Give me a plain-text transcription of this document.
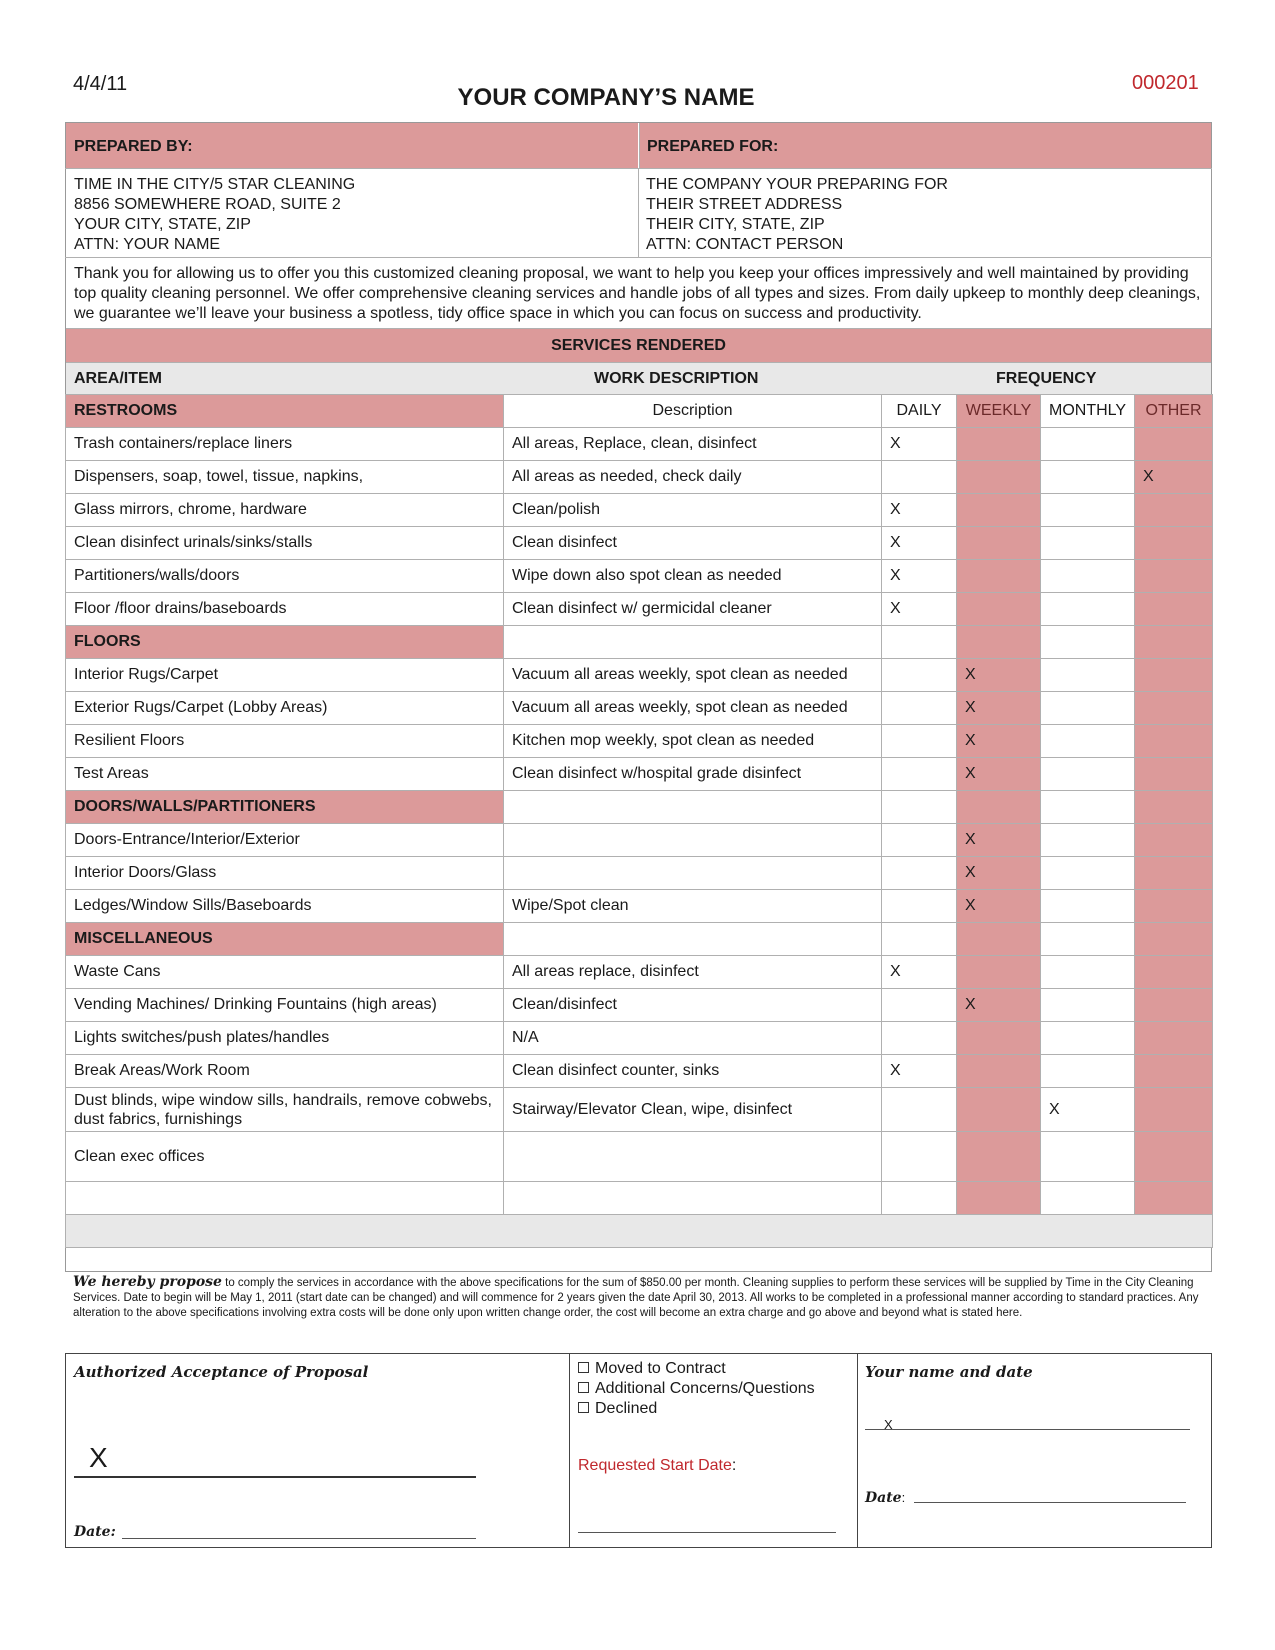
4/4/11	YOUR COMPANY’S NAME
000201
PREPARED BY:	PREPARED FOR:
TIME IN THE CITY/5 STAR CLEANING
8856 SOMEWHERE ROAD, SUITE 2
YOUR CITY, STATE, ZIP
ATTN: YOUR NAME
THE COMPANY YOUR PREPARING FOR
THEIR STREET ADDRESS
THEIR CITY, STATE, ZIP
ATTN: CONTACT PERSON
Thank you for allowing us to offer you this customized cleaning proposal, we want to help you keep your offices impressively and well maintained by providing top quality cleaning personnel. We offer comprehensive cleaning services and handle jobs of all types and sizes. From daily upkeep to monthly deep cleanings, we guarantee we’ll leave your business a spotless, tidy office space in which you can focus on success and productivity.
SERVICES RENDERED
AREA/ITEM	WORK DESCRIPTION	FREQUENCY
RESTROOMS	Description	DAILY	WEEKLY	MONTHLY	OTHER
Trash containers/replace liners	All areas, Replace, clean, disinfect	X			
Dispensers, soap, towel, tissue, napkins,	All areas as needed, check daily				X
Glass mirrors, chrome, hardware	Clean/polish	X			
Clean disinfect urinals/sinks/stalls	Clean disinfect	X			
Partitioners/walls/doors	Wipe down also spot clean as needed	X			
Floor /floor drains/baseboards	Clean disinfect w/ germicidal cleaner	X			
FLOORS					
Interior Rugs/Carpet	Vacuum all areas weekly, spot clean as needed		X		
Exterior Rugs/Carpet (Lobby Areas)	Vacuum all areas weekly, spot clean as needed		X		
Resilient Floors	Kitchen mop weekly, spot clean as needed		X		
Test Areas	Clean disinfect w/hospital grade disinfect		X		
DOORS/WALLS/PARTITIONERS					
Doors-Entrance/Interior/Exterior			X		
Interior Doors/Glass			X		
Ledges/Window Sills/Baseboards	Wipe/Spot clean		X		
MISCELLANEOUS					
Waste Cans	All areas replace, disinfect	X			
Vending Machines/ Drinking Fountains (high areas)	Clean/disinfect		X		
Lights switches/push plates/handles	N/A				
Break Areas/Work Room	Clean disinfect counter, sinks	X			
Dust blinds, wipe window sills, handrails, remove cobwebs, dust fabrics, furnishings	Stairway/Elevator Clean, wipe, disinfect			X	
Clean exec offices					

We hereby propose to comply the services in accordance with the above specifications for the sum of $850.00 per month. Cleaning supplies to perform these services will be supplied by Time in the City Cleaning Services. Date to begin will be May 1, 2011 (start date can be changed) and will commence for 2 years given the date April 30, 2013. All works to be completed in a professional manner according to standard practices. Any alteration to the above specifications involving extra costs will be done only upon written change order, the cost will become an extra charge and go above and beyond what is stated here.
Authorized Acceptance of Proposal
X
Date:
Moved to Contract
Additional Concerns/Questions
Declined
Requested Start Date:
Your name and date
X
Date:
